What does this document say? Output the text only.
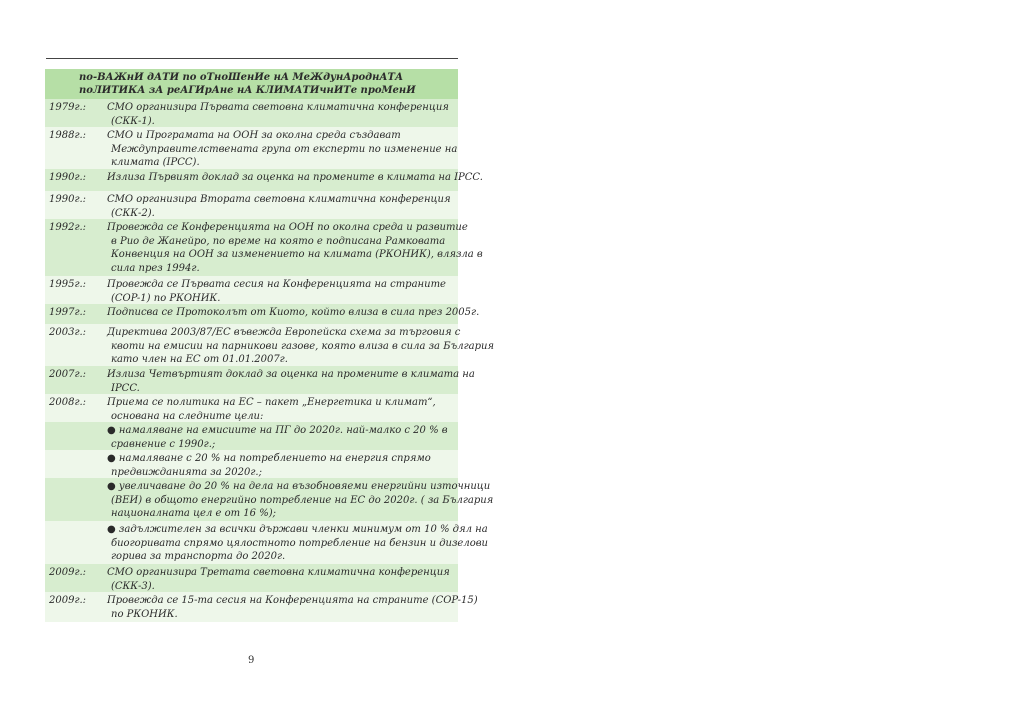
по-ВАЖнИ дАТИ по оТноШенИе нА МеЖдунАроднАТА
поЛИТИКА зА реАГИрАне нА КЛИМАТИчнИТе проМенИ
1979г.:	СМО организира Първата световна климатична конференция
(СКК-1).
1988г.:	СМО и Програмата на ООН за околна среда създават
Междуправителствената група от експерти по изменение на
климата (IPCC).
1990г.:	Излиза Първият доклад за оценка на промените в климата на IPCC.
1990г.:	СМО организира Втората световна климатична конференция
(СКК-2).
1992г.:	Провежда се Конференцията на ООН по околна среда и развитие
в Рио де Жанейро, по време на която е подписана Рамковата
Конвенция на ООН за изменението на климата (РКОНИК), влязла в
сила през 1994г.
1995г.:	Провежда се Първата сесия на Конференцията на страните
(COP-1) по РКОНИК.
1997г.:	Подписва се Протоколът от Киото, който влиза в сила през 2005г.
2003г.:	Директива 2003/87/ЕС въвежда Европейска схема за търговия с
квоти на емисии на парникови газове, която влиза в сила за България
като член на ЕС от 01.01.2007г.
2007г.:	Излиза Четвъртият доклад за оценка на промените в климата на
IPCC.
2008г.:	Приема се политика на ЕС – пакет „Енергетика и климат“,
основана на следните цели:
● намаляване на емисиите на ПГ до 2020г. най-малко с 20 % в
сравнение с 1990г.;
● намаляване с 20 % на потреблението на енергия спрямо
предвижданията за 2020г.;
● увеличаване до 20 % на дела на възобновяеми енергийни източници
(ВЕИ) в общото енергийно потребление на ЕС до 2020г. ( за България
националната цел е от 16 %);
● задължителен за всички държави членки минимум от 10 % дял на
биогоривата спрямо цялостното потребление на бензин и дизелови
горива за транспорта до 2020г.
2009г.:	СМО организира Третата световна климатична конференция
(СКК-3).
2009г.:	Провежда се 15-та сесия на Конференцията на страните (COP-15)
по РКОНИК.
9
